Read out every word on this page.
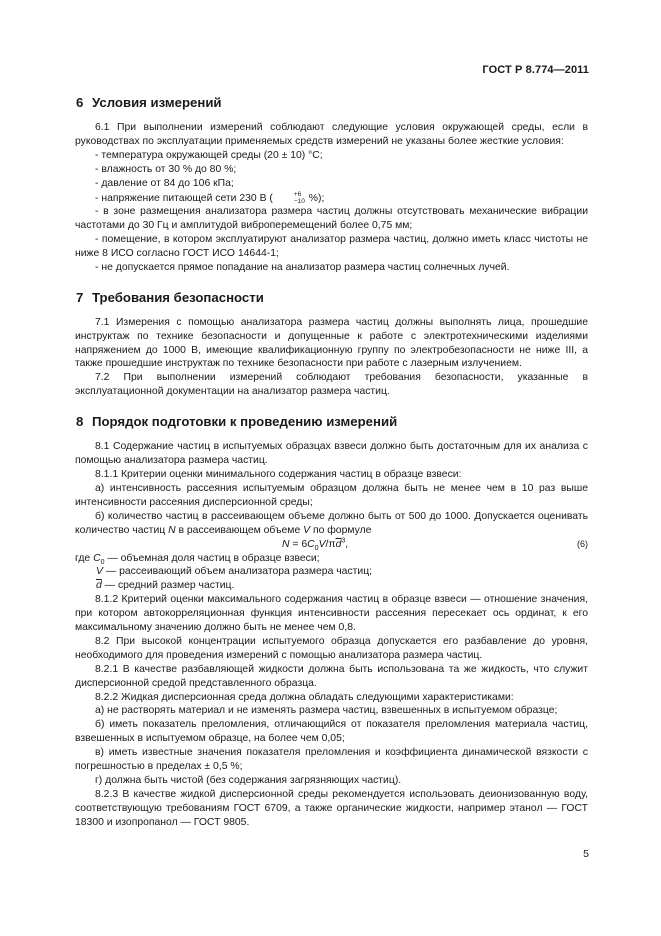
ГОСТ Р 8.774—2011
6 Условия измерений

6.1 При выполнении измерений соблюдают следующие условия окружающей среды, если в руководствах по эксплуатации применяемых средств измерений не указаны более жесткие условия:

- температура окружающей среды (20 ± 10) °С;

- влажность от 30 % до 80 %;

- давление от 84 до 106 кПа;

- напряжение питающей сети 230 В (	+6
−10 %);

- в зоне размещения анализатора размера частиц должны отсутствовать механические вибрации частотами до 30 Гц и амплитудой виброперемещений более 0,75 мм;

- помещение, в котором эксплуатируют анализатор размера частиц, должно иметь класс чистоты не ниже 8 ИСО согласно ГОСТ ИСО 14644-1;

- не допускается прямое попадание на анализатор размера частиц солнечных лучей.

7 Требования безопасности

7.1 Измерения с помощью анализатора размера частиц должны выполнять лица, прошедшие инструктаж по технике безопасности и допущенные к работе с электротехническими изделиями напряжением до 1000 В, имеющие квалификационную группу по электробезопасности не ниже III, а также прошедшие инструктаж по технике безопасности при работе с лазерным излучением.

7.2 При выполнении измерений соблюдают требования безопасности, указанные в эксплуатационной документации на анализатор размера частиц.

8 Порядок подготовки к проведению измерений

8.1 Содержание частиц в испытуемых образцах взвеси должно быть достаточным для их анализа с помощью анализатора размера частиц.

8.1.1 Критерии оценки минимального содержания частиц в образце взвеси:

а) интенсивность рассеяния испытуемым образцом должна быть не менее чем в 10 раз выше интенсивности рассеяния дисперсионной среды;

б) количество частиц в рассеивающем объеме должно быть от 500 до 1000. Допускается оценивать количество частиц N в рассеивающем объеме V по формуле

$N = 6C_0V/\pi\overline{d}^3$,	(6)

где $C_0$ — объемная доля частиц в образце взвеси;

V — рассеивающий объем анализатора размера частиц;

$\overline{d}$ — средний размер частиц.

8.1.2 Критерий оценки максимального содержания частиц в образце взвеси — отношение значения, при котором автокорреляционная функция интенсивности рассеяния пересекает ось ординат, к его максимальному значению должно быть не менее чем 0,8.

8.2 При высокой концентрации испытуемого образца допускается его разбавление до уровня, необходимого для проведения измерений с помощью анализатора размера частиц.

8.2.1 В качестве разбавляющей жидкости должна быть использована та же жидкость, что служит дисперсионной средой представленного образца.

8.2.2 Жидкая дисперсионная среда должна обладать следующими характеристиками:

а) не растворять материал и не изменять размера частиц, взвешенных в испытуемом образце;

б) иметь показатель преломления, отличающийся от показателя преломления материала частиц, взвешенных в испытуемом образце, на более чем 0,05;

в) иметь известные значения показателя преломления и коэффициента динамической вязкости с погрешностью в пределах ± 0,5 %;

г) должна быть чистой (без содержания загрязняющих частиц).

8.2.3 В качестве жидкой дисперсионной среды рекомендуется использовать деионизованную воду, соответствующую требованиям ГОСТ 6709, а также органические жидкости, например этанол — ГОСТ 18300 и изопропанол — ГОСТ 9805.

5
